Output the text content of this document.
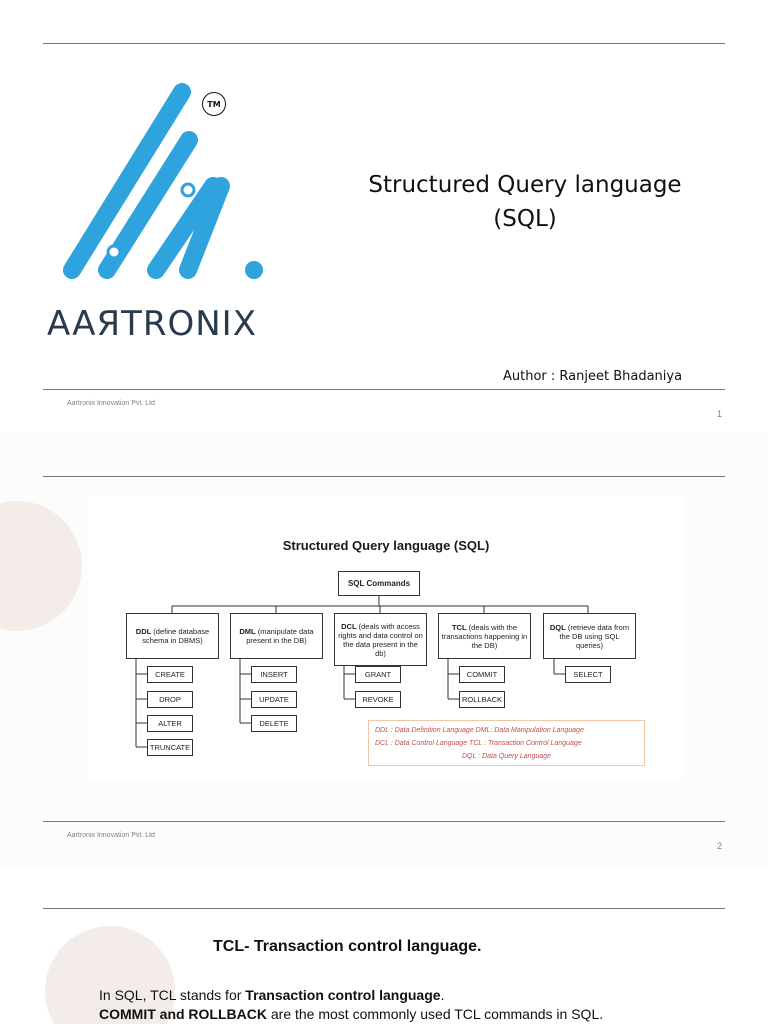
TM
AAЯTRONIX
Structured Query language
(SQL)
Author : Ranjeet Bhadaniya
Aartronix Innovation Pvt. Ltd
1
Structured Query language (SQL)
SQL Commands
DDL (define database schema in DBMS)
DML (manipulate data present in the DB)
DCL (deals with access rights and data control on the data present in the db)
TCL (deals with the transactions happening in the DB)
DQL (retrieve data from the DB using SQL queries)
CREATE
DROP
ALTER
TRUNCATE
INSERT
UPDATE
DELETE
GRANT
REVOKE
COMMIT
ROLLBACK
SELECT
DDL : Data Definition Language DML: Data Manipulation Language
DCL : Data Control Language TCL : Transaction Control Language
DQL : Data Query Language
Aartronix Innovation Pvt. Ltd
2
TCL- Transaction control language.
In SQL, TCL stands for Transaction control language.
COMMIT and ROLLBACK are the most commonly used TCL commands in SQL.
